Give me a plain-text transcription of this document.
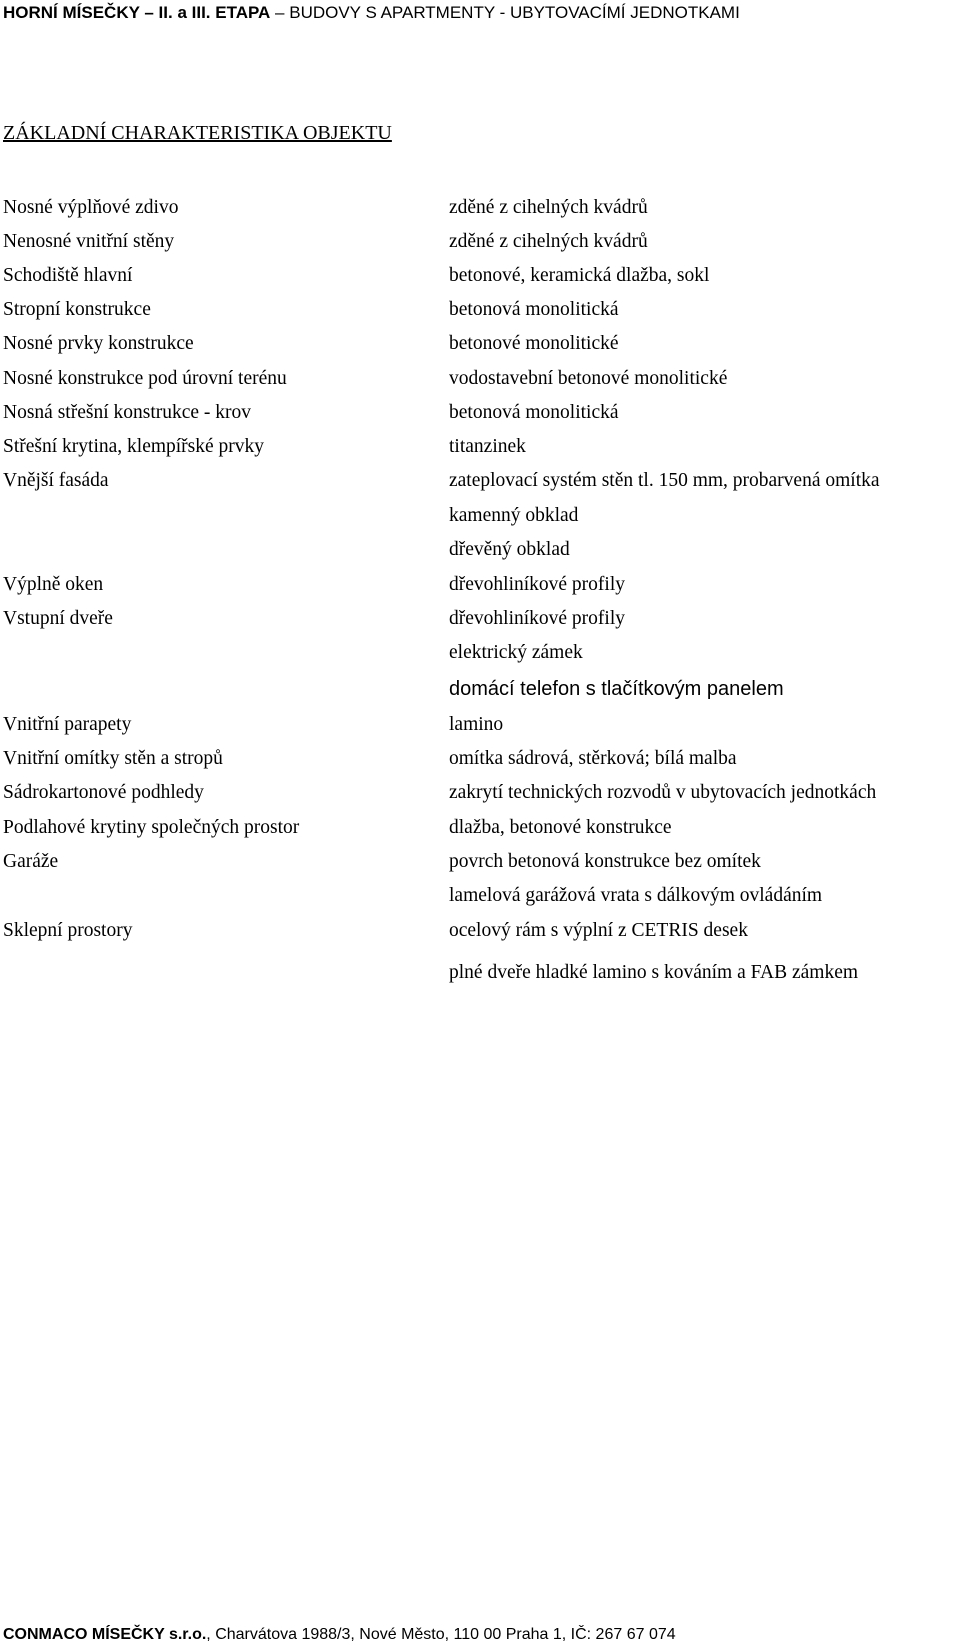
HORNÍ MÍSEČKY – II. a III. ETAPA – BUDOVY S APARTMENTY - UBYTOVACÍMÍ JEDNOTKAMI
ZÁKLADNÍ CHARAKTERISTIKA OBJEKTU
Nosné výplňové zdivo
Nenosné vnitřní stěny
Schodiště hlavní
Stropní konstrukce
Nosné prvky konstrukce
Nosné konstrukce pod úrovní terénu
Nosná střešní konstrukce - krov
Střešní krytina, klempířské prvky
Vnější fasáda
Výplně oken
Vstupní dveře
Vnitřní parapety
Vnitřní omítky stěn a stropů
Sádrokartonové podhledy
Podlahové krytiny společných prostor
Garáže
Sklepní prostory
zděné z cihelných kvádrů
zděné z cihelných kvádrů
betonové, keramická dlažba, sokl
betonová monolitická
betonové monolitické
vodostavební betonové monolitické
betonová monolitická
titanzinek
zateplovací systém stěn tl. 150 mm, probarvená omítka
kamenný obklad
dřevěný obklad
dřevohliníkové profily
dřevohliníkové profily
elektrický zámek
domácí telefon s tlačítkovým panelem
lamino
omítka sádrová, stěrková; bílá malba
zakrytí technických rozvodů v ubytovacích jednotkách
dlažba, betonové konstrukce
povrch betonová konstrukce bez omítek
lamelová garážová vrata s dálkovým ovládáním
ocelový rám s výplní z CETRIS desek
plné dveře hladké lamino s kováním a FAB zámkem
CONMACO MÍSEČKY s.r.o., Charvátova 1988/3, Nové Město, 110 00 Praha 1, IČ: 267 67 074
